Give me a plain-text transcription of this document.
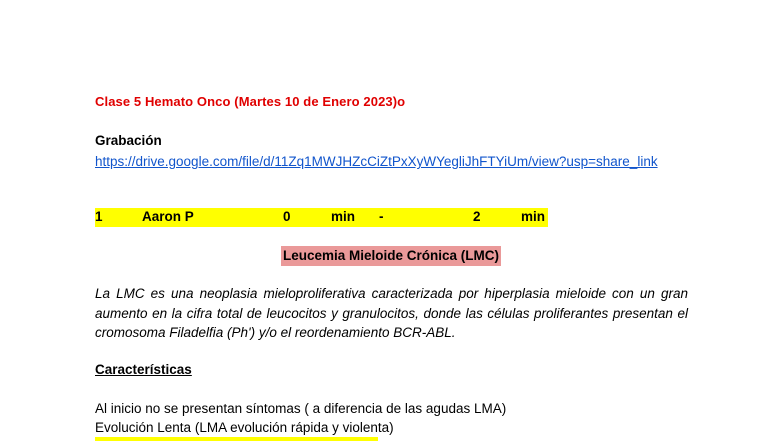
Clase 5 Hemato Onco (Martes 10 de Enero 2023)o
Grabación
https://drive.google.com/file/d/11Zq1MWJHZcCiZtPxXyWYegliJhFTYiUm/view?usp=share_link
1	Aaron P	0	min -	2	min
Leucemia Mieloide Crónica (LMC)
La LMC es una neoplasia mieloproliferativa caracterizada por hiperplasia mieloide con un gran aumento en la cifra total de leucocitos y granulocitos, donde las células proliferantes presentan el cromosoma Filadelfia (Ph') y/o el reordenamiento BCR-ABL.
Características
Al inicio no se presentan síntomas ( a diferencia de las agudas LMA)
Evolución Lenta (LMA evolución rápida y violenta)
